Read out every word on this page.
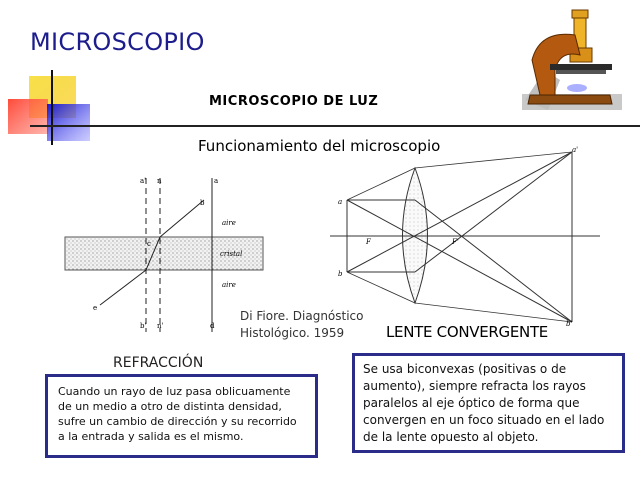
MICROSCOPIO
MICROSCOPIO DE LUZ
Funcionamiento del microscopio
a' n	a
b
aire
cristal
aire
c
e
b' n'	d
a
b
F	F'
a'
b'
Di Fiore. Diagnóstico
Histológico. 1959	LENTE CONVERGENTE
REFRACCIÓN
Cuando un rayo de luz pasa oblicuamente de un medio a otro de distinta densidad, sufre un cambio de dirección y su recorrido a la entrada y salida es el mismo.
Se usa biconvexas (positivas o de aumento), siempre refracta los rayos paralelos al eje óptico de forma que convergen en un foco situado en el lado de la lente opuesto al objeto.
